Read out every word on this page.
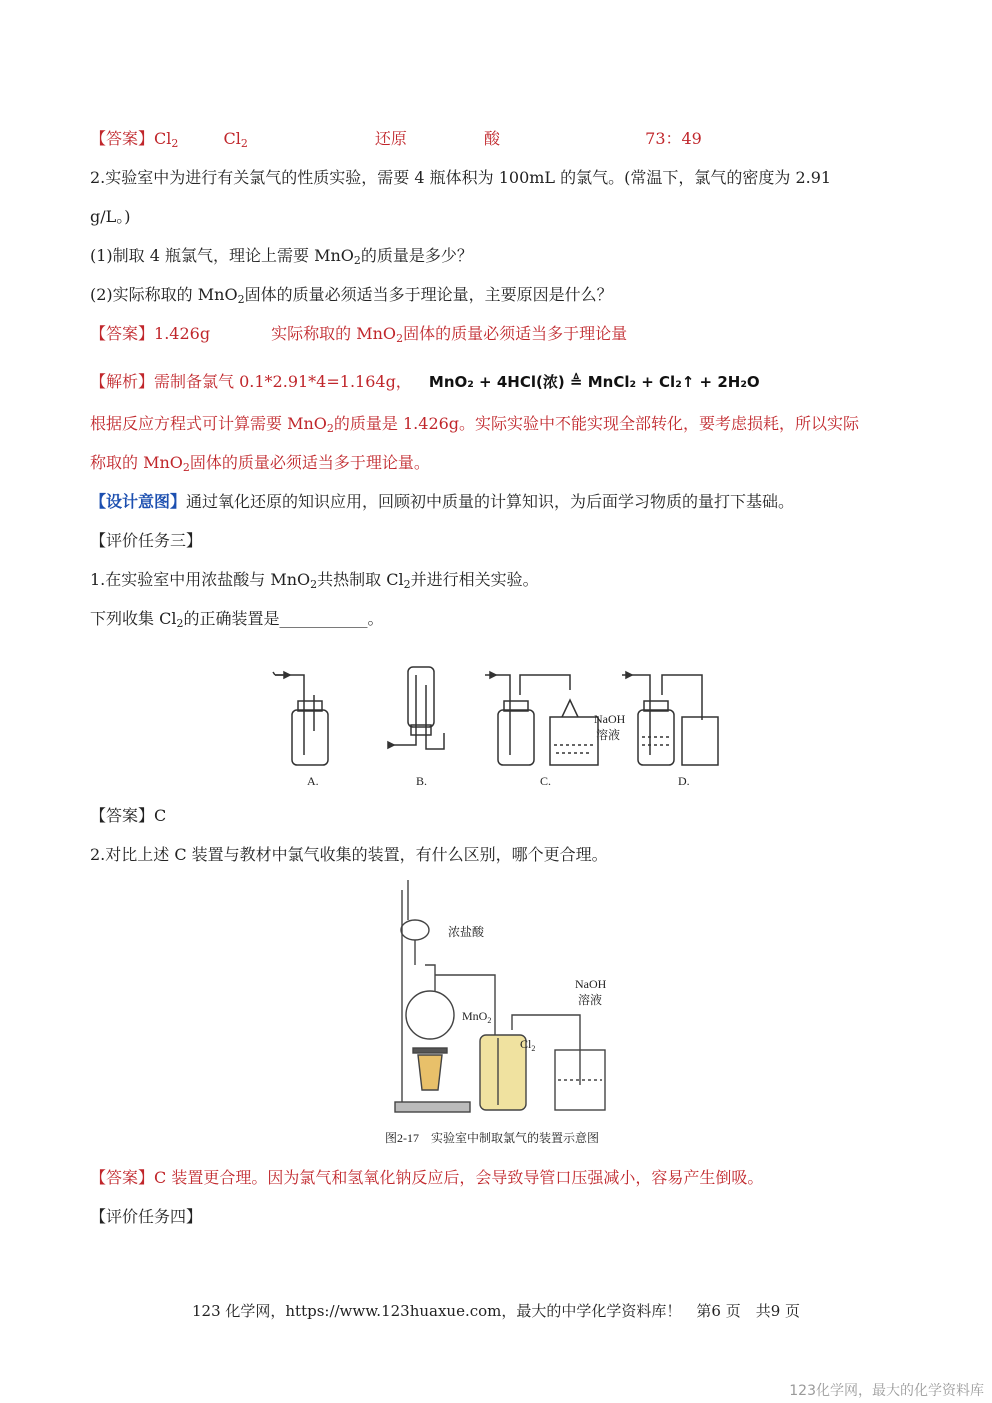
【答案】$Cl_2$	$Cl_2$	还原	酸	73：49
2.实验室中为进行有关氯气的性质实验，需要 4 瓶体积为 100mL 的氯气。(常温下，氯气的密度为 2.91
g/L。)
(1)制取 4 瓶氯气，理论上需要 MnO$_2$的质量是多少？
(2)实际称取的 MnO$_2$固体的质量必须适当多于理论量，主要原因是什么？
【答案】1.426g	实际称取的 MnO$_2$固体的质量必须适当多于理论量
【解析】需制备氯气 0.1*2.91*4=1.164g， MnO₂ + 4HCl(浓) ≜ MnCl₂ + Cl₂↑ + 2H₂O
根据反应方程式可计算需要 MnO$_2$的质量是 1.426g。实际实验中不能实现全部转化，要考虑损耗，所以实际
称取的 MnO$_2$固体的质量必须适当多于理论量。
【设计意图】通过氧化还原的知识应用，回顾初中质量的计算知识，为后面学习物质的量打下基础。
【评价任务三】
1.在实验室中用浓盐酸与 MnO$_2$共热制取 $Cl_2$并进行相关实验。
下列收集 $Cl_2$的正确装置是___________。
NaOH
溶液
A.	B.	C.	D.
【答案】C
2.对比上述 C 装置与教材中氯气收集的装置，有什么区别，哪个更合理。
浓盐酸
MnO$_2$
$Cl_2$
NaOH
溶液
图2-17　实验室中制取氯气的装置示意图
【答案】C 装置更合理。因为氯气和氢氧化钠反应后，会导致导管口压强减小，容易产生倒吸。
【评价任务四】
123 化学网，https://www.123huaxue.com，最大的中学化学资料库！　第6 页　共9 页
123化学网，最大的化学资料库
